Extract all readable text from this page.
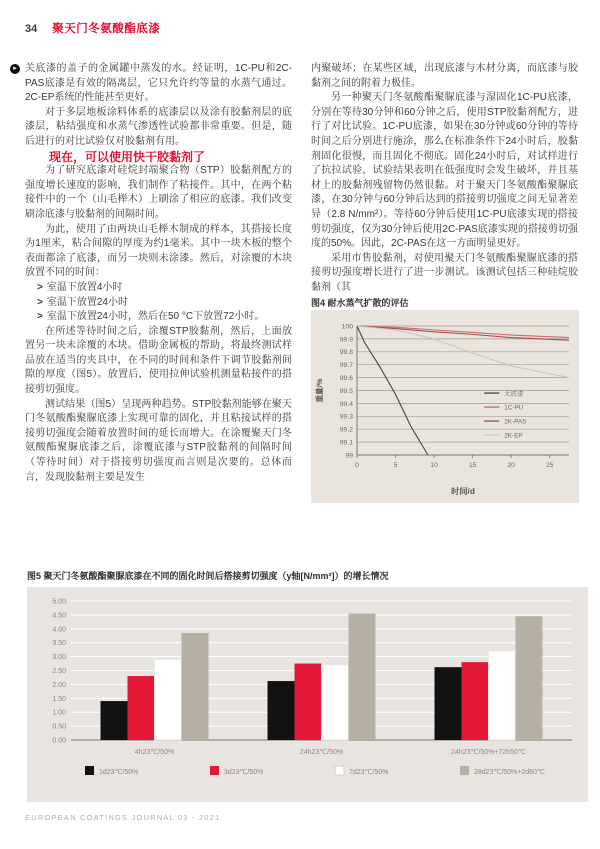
34 聚天门冬氨酸酯底漆
▸ 关底漆的盖子的金属罐中蒸发的水。经证明，1C-PU和2C-PAS底漆是有效的隔离层，它只允许约等量的水蒸气通过。2C-EP系统的性能甚至更好。

对于多层地板涂料体系的底漆层以及涂有胶黏剂层的底漆层，粘结强度和水蒸气渗透性试验都非常重要。但是，随后进行的对比试验仅对胶黏剂有用。

现在，可以使用快干胶黏剂了

为了研究底漆对硅烷封端聚合物（STP）胶黏剂配方的强度增长速度的影响，我们制作了粘接件。其中，在两个粘接件中的一个（山毛榉木）上刷涂了相应的底漆。我们改变刷涂底漆与胶黏剂的间隔时间。

为此，使用了由两块山毛榉木制成的样本，其搭接长度为1厘米，粘合间隙的厚度为约1毫米。其中一块木板的整个表面都涂了底漆，而另一块则未涂漆。然后，对涂覆的木块放置不同的时间：

> 室温下放置4小时

> 室温下放置24小时

> 室温下放置24小时，然后在50 °C下放置72小时。

在所述等待时间之后，涂覆STP胶黏剂，然后，上面放置另一块未涂覆的木块。借助金属板的帮助，将最终测试样品放在适当的夹具中，在不同的时间和条件下调节胶黏剂间隙的厚度（图5）。放置后，使用拉伸试验机测量粘接件的搭接剪切强度。

测试结果（图5）呈现两种趋势。STP胶黏剂能够在聚天门冬氨酸酯聚脲底漆上实现可靠的固化，并且粘接试样的搭接剪切强度会随着放置时间的延长而增大。在涂覆聚天门冬氨酸酯聚脲底漆之后，涂覆底漆与STP胶黏剂的间隔时间（等待时间）对于搭接剪切强度而言则是次要的。总体而言，发现胶黏剂主要是发生

内聚破坏；在某些区域，出现底漆与木材分离，而底漆与胶黏剂之间的附着力极佳。

另一种聚天门冬氨酸酯聚脲底漆与湿固化1C-PU底漆，分别在等待30分钟和60分钟之后，使用STP胶黏剂配方，进行了对比试验。1C-PU底漆，如果在30分钟或60分钟的等待时间之后分别进行施涂，那么在标准条件下24小时后，胶黏剂固化很慢，而且固化不彻底。固化24小时后，对试样进行了抗拉试验，试验结果表明在低强度时会发生破坏，并且基材上的胶黏剂残留物仍然很黏。对于聚天门冬氨酸酯聚脲底漆，在30分钟与60分钟后达到的搭接剪切强度之间无显著差异（2.8 N/mm²）。等待60分钟后使用1C-PU底漆实现的搭接剪切强度，仅为30分钟后使用2C-PAS底漆实现的搭接剪切强度的50%。因此，2C-PAS在这一方面明显更好。

采用市售胶黏剂，对使用聚天门冬氨酸酯聚脲底漆的搭接剪切强度增长进行了进一步测试。该测试包括三种硅烷胶黏剂（其

图4 耐水蒸气扩散的评估

100
99.9
99.8
99.7
99.6
99.5
99.4
99.3
99.2
99.1
99
0	5	10	15	20	25
时间/d
重量/%	无底漆
1C-PU
2K-PAS
2K-EP
图5 聚天门冬氨酸酯聚脲底漆在不同的固化时间后搭接剪切强度（y轴[N/mm²]）的增长情况
0.00
0.50
1.00
1.50
2.00
2.50
3.00
3.50
4.00
4.50
5.00
4h23℃/50%	24h23℃/50%	24h23℃/50%+72h50℃
1d23℃/50%	3d23℃/50%	7d23℃/50%	28d23℃/50%+2d60℃
EUROPEAN COATINGS JOURNAL 03 - 2021
